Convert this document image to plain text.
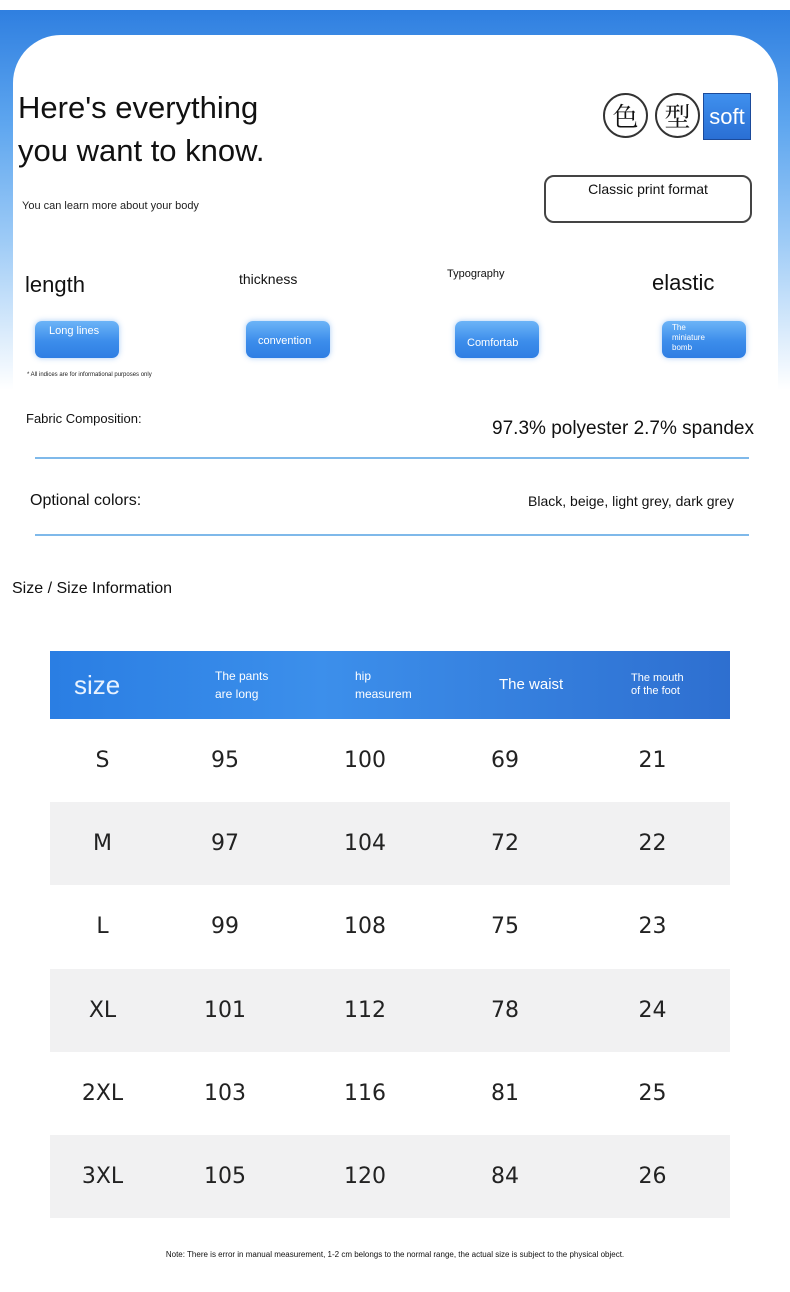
Here's everything
you want to know.
You can learn more about your body
色 型 soft
Classic print format
length	thickness	Typography	elastic
Long lines
convention	Comfortab
The miniature bomb
* All indices are for informational purposes only
Fabric Composition:	97.3% polyester 2.7% spandex
Optional colors:	Black, beige, light grey, dark grey
Size / Size Information
size	The pants are long	hip measurem	The waist	The mouth of the foot
S	95	100	69	21
M	97	104	72	22
L	99	108	75	23
XL	101	112	78	24
2XL	103	116	81	25
3XL	105	120	84	26
Note: There is error in manual measurement, 1-2 cm belongs to the normal range, the actual size is subject to the physical object.
